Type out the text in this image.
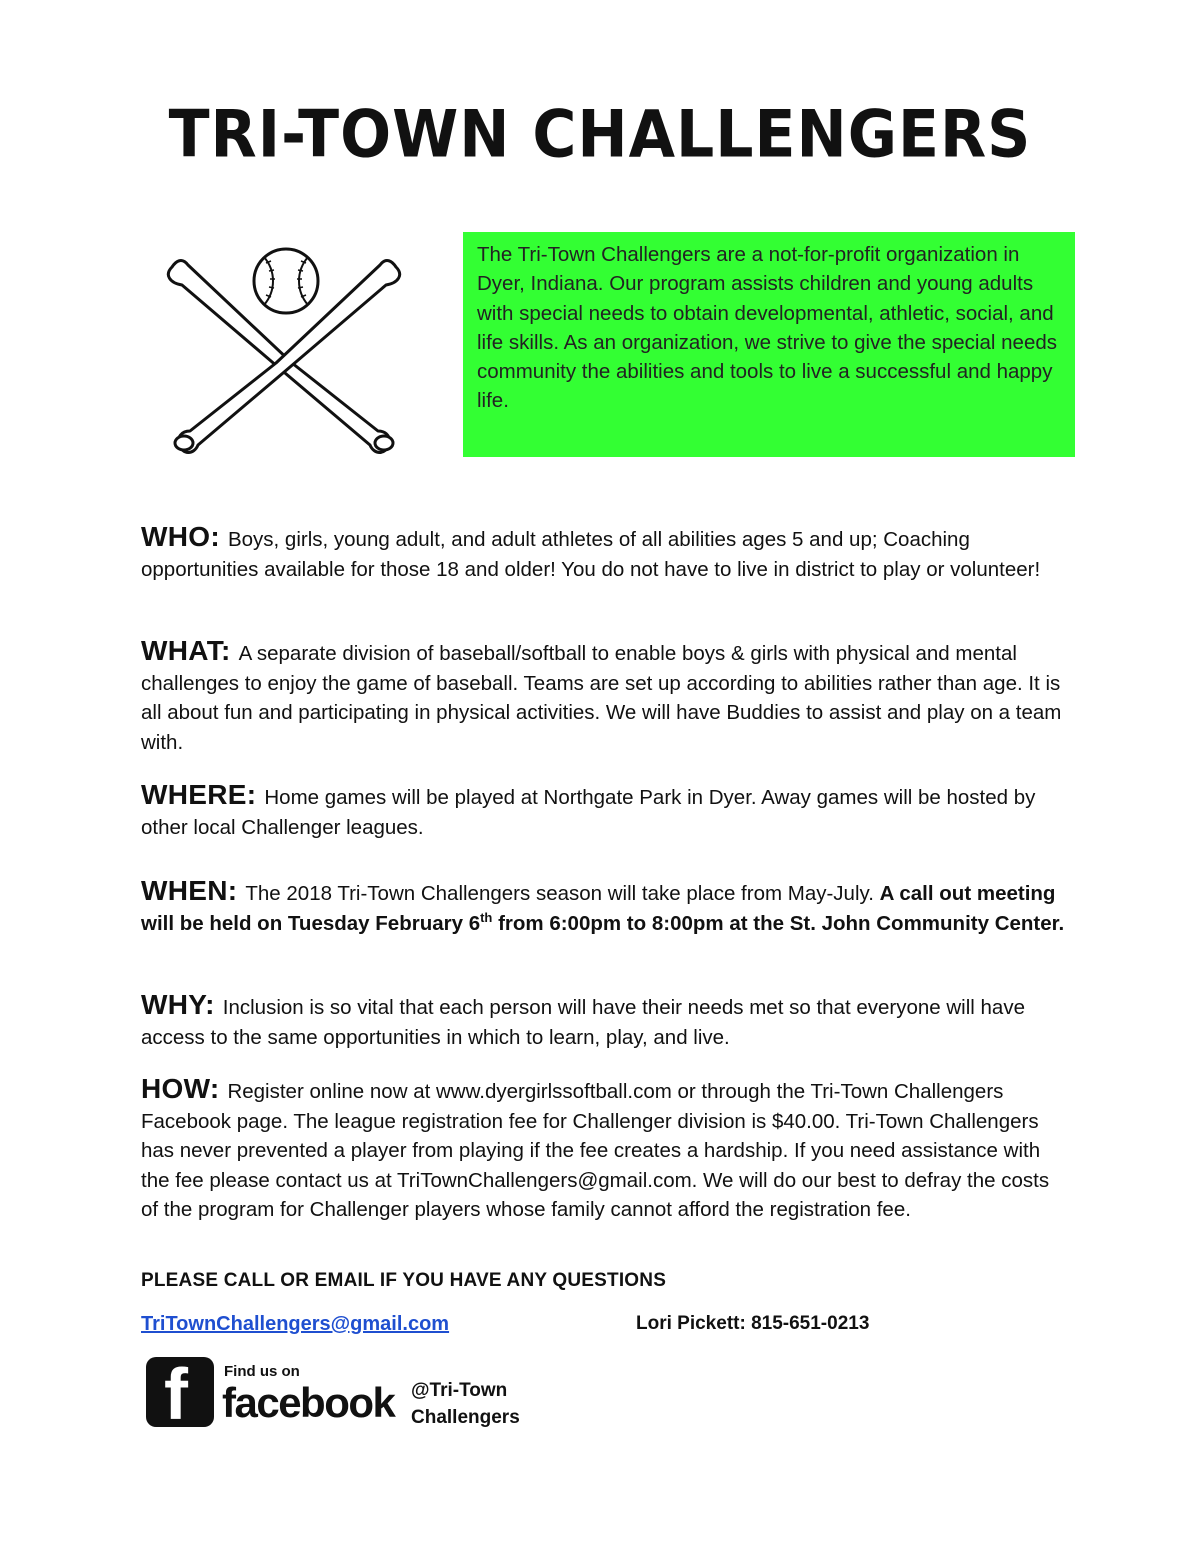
TRI-TOWN CHALLENGERS
The Tri-Town Challengers are a not-for-profit organization in Dyer, Indiana. Our program assists children and young adults with special needs to obtain developmental, athletic, social, and life skills. As an organization, we strive to give the special needs community the abilities and tools to live a successful and happy life.
WHO: Boys, girls, young adult, and adult athletes of all abilities ages 5 and up; Coaching opportunities available for those 18 and older! You do not have to live in district to play or volunteer!
WHAT: A separate division of baseball/softball to enable boys & girls with physical and mental challenges to enjoy the game of baseball. Teams are set up according to abilities rather than age. It is all about fun and participating in physical activities. We will have Buddies to assist and play on a team with.
WHERE: Home games will be played at Northgate Park in Dyer. Away games will be hosted by other local Challenger leagues.
WHEN: The 2018 Tri-Town Challengers season will take place from May-July. A call out meeting will be held on Tuesday February 6th from 6:00pm to 8:00pm at the St. John Community Center.
WHY: Inclusion is so vital that each person will have their needs met so that everyone will have access to the same opportunities in which to learn, play, and live.
HOW: Register online now at www.dyergirlssoftball.com or through the Tri-Town Challengers Facebook page. The league registration fee for Challenger division is $40.00. Tri-Town Challengers has never prevented a player from playing if the fee creates a hardship. If you need assistance with the fee please contact us at TriTownChallengers@gmail.com. We will do our best to defray the costs of the program for Challenger players whose family cannot afford the registration fee.
PLEASE CALL OR EMAIL IF YOU HAVE ANY QUESTIONS
TriTownChallengers@gmail.com	Lori Pickett: 815-651-0213
f Find us on
facebook @Tri-Town
Challengers
